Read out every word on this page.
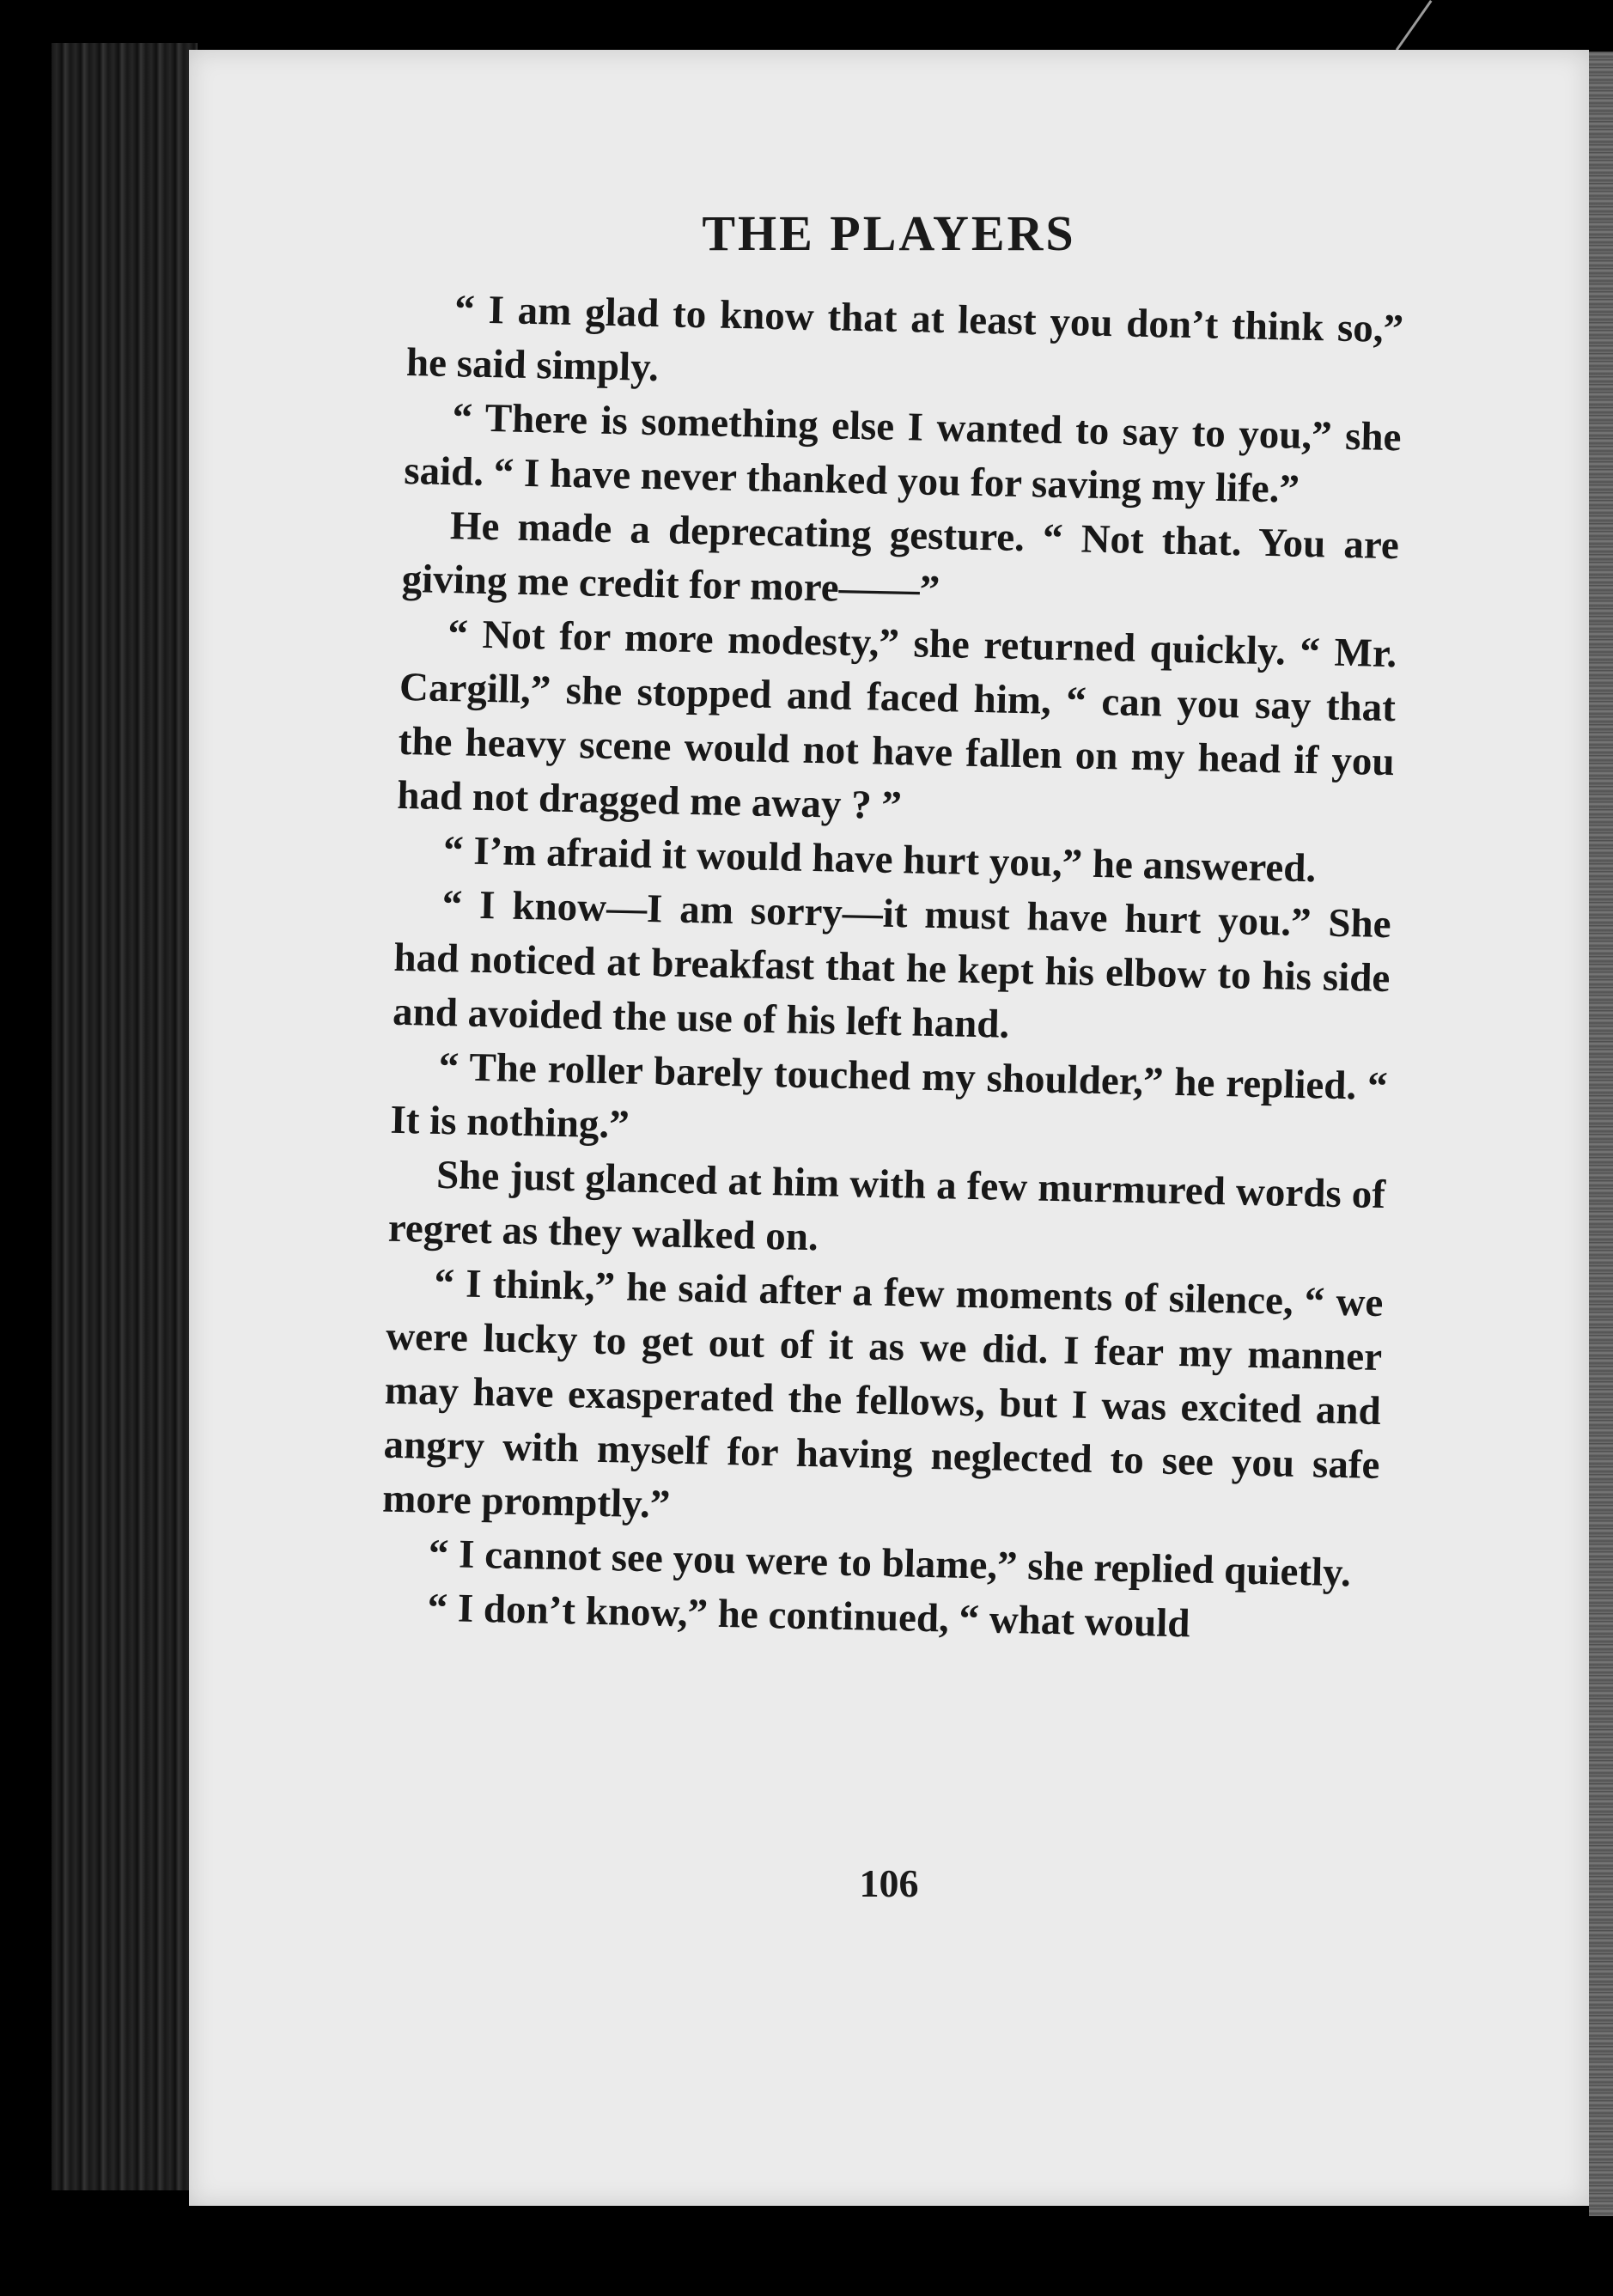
THE PLAYERS

“ I am glad to know that at least you don’t think so,” he said simply.

“ There is something else I wanted to say to you,” she said. “ I have never thanked you for saving my life.”

He made a deprecating gesture. “ Not that. You are giving me credit for more——”

“ Not for more modesty,” she returned quickly. “ Mr. Cargill,” she stopped and faced him, “ can you say that the heavy scene would not have fallen on my head if you had not dragged me away ? ”

“ I’m afraid it would have hurt you,” he answered.

“ I know—I am sorry—it must have hurt you.” She had noticed at breakfast that he kept his elbow to his side and avoided the use of his left hand.

“ The roller barely touched my shoulder,” he replied. “ It is nothing.”

She just glanced at him with a few murmured words of regret as they walked on.

“ I think,” he said after a few moments of silence, “ we were lucky to get out of it as we did. I fear my manner may have exasperated the fellows, but I was excited and angry with myself for having neglected to see you safe more promptly.”

“ I cannot see you were to blame,” she replied quietly.

“ I don’t know,” he continued, “ what would

106
